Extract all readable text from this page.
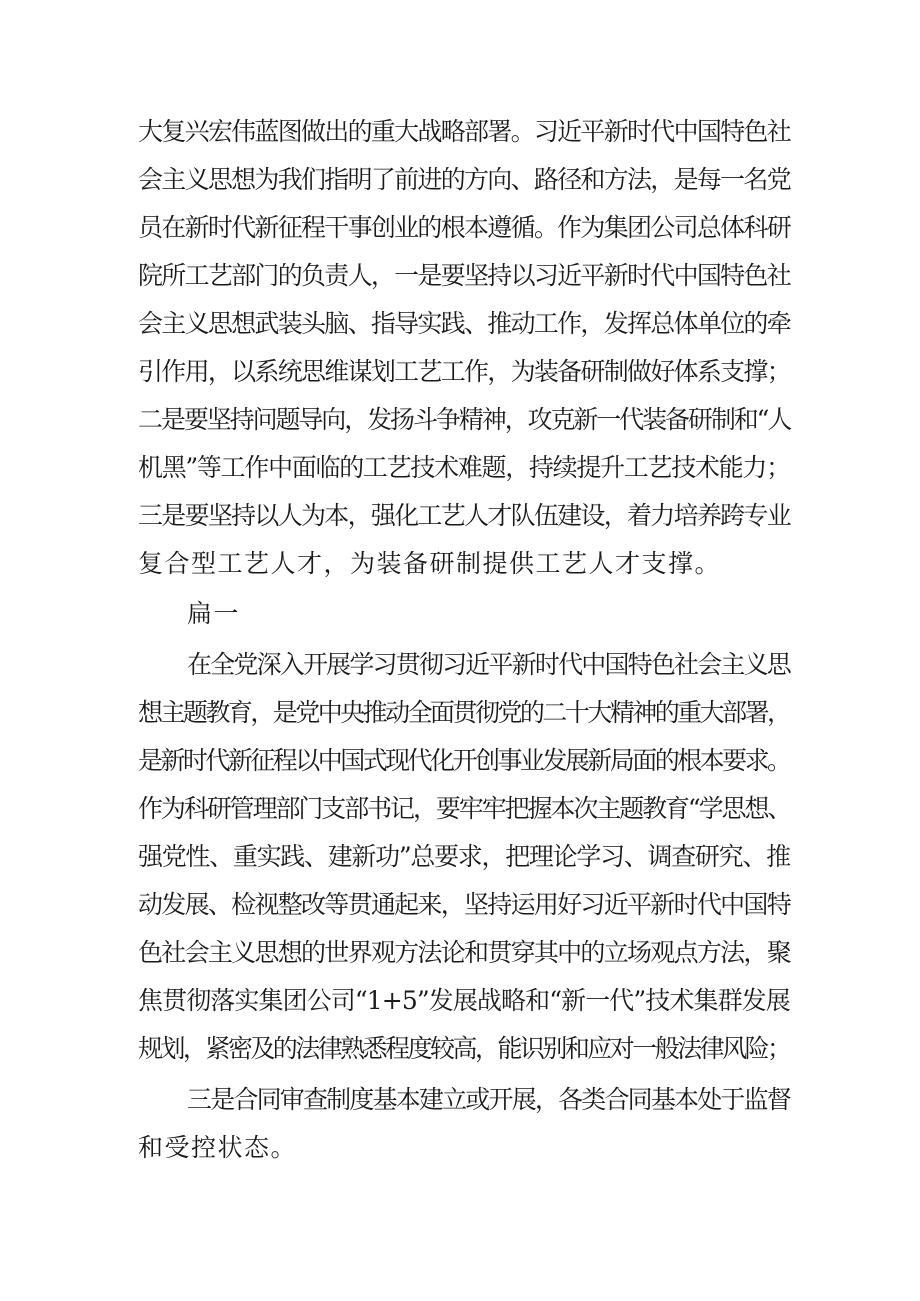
大复兴宏伟蓝图做出的重大战略部署。习近平新时代中国特色社
会主义思想为我们指明了前进的方向、路径和方法，是每一名党
员在新时代新征程干事创业的根本遵循。作为集团公司总体科研
院所工艺部门的负责人，一是要坚持以习近平新时代中国特色社
会主义思想武装头脑、指导实践、推动工作，发挥总体单位的牵
引作用，以系统思维谋划工艺工作，为装备研制做好体系支撑；
二是要坚持问题导向，发扬斗争精神，攻克新一代装备研制和“人
机黑”等工作中面临的工艺技术难题，持续提升工艺技术能力；
三是要坚持以人为本，强化工艺人才队伍建设，着力培养跨专业
复合型工艺人才，为装备研制提供工艺人才支撑。
扁一
在全党深入开展学习贯彻习近平新时代中国特色社会主义思
想主题教育，是党中央推动全面贯彻党的二十大精神的重大部署，
是新时代新征程以中国式现代化开创事业发展新局面的根本要求。
作为科研管理部门支部书记，要牢牢把握本次主题教育“学思想、
强党性、重实践、建新功”总要求，把理论学习、调查研究、推
动发展、检视整改等贯通起来，坚持运用好习近平新时代中国特
色社会主义思想的世界观方法论和贯穿其中的立场观点方法，聚
焦贯彻落实集团公司“1+5”发展战略和“新一代”技术集群发展
规划，紧密及的法律熟悉程度较高，能识别和应对一般法律风险；
三是合同审查制度基本建立或开展，各类合同基本处于监督
和受控状态。
